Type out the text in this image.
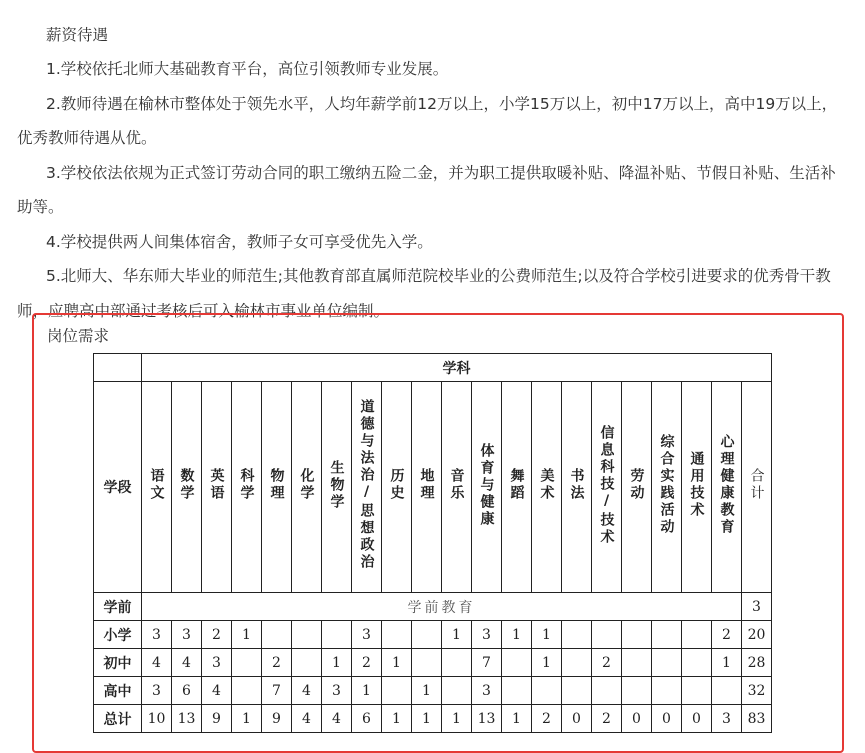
薪资待遇

1.学校依托北师大基础教育平台，高位引领教师专业发展。

2.教师待遇在榆林市整体处于领先水平，人均年薪学前12万以上，小学15万以上，初中17万以上，高中19万以上，优秀教师待遇从优。

3.学校依法依规为正式签订劳动合同的职工缴纳五险二金，并为职工提供取暖补贴、降温补贴、节假日补贴、生活补助等。

4.学校提供两人间集体宿舍，教师子女可享受优先入学。

5.北师大、华东师大毕业的师范生;其他教育部直属师范院校毕业的公费师范生;以及符合学校引进要求的优秀骨干教师，应聘高中部通过考核后可入榆林市事业单位编制。

岗位需求
	学科																				
学段	语文	数学	英语	科学	物理	化学	生物学	道德与法治/思想政治	历史	地理	音乐	体育与健康	舞蹈	美术	书法	信息科技/技术	劳动	综合实践活动	通用技术	心理健康教育	合计
学前	学前教育																				3
小学	3	3	2	1				3			1	3	1	1						2	20
初中	4	4	3		2		1	2	1			7		1		2				1	28
高中	3	6	4		7	4	3	1		1		3									32
总计	10	13	9	1	9	4	4	6	1	1	1	13	1	2	0	2	0	0	0	3	83
